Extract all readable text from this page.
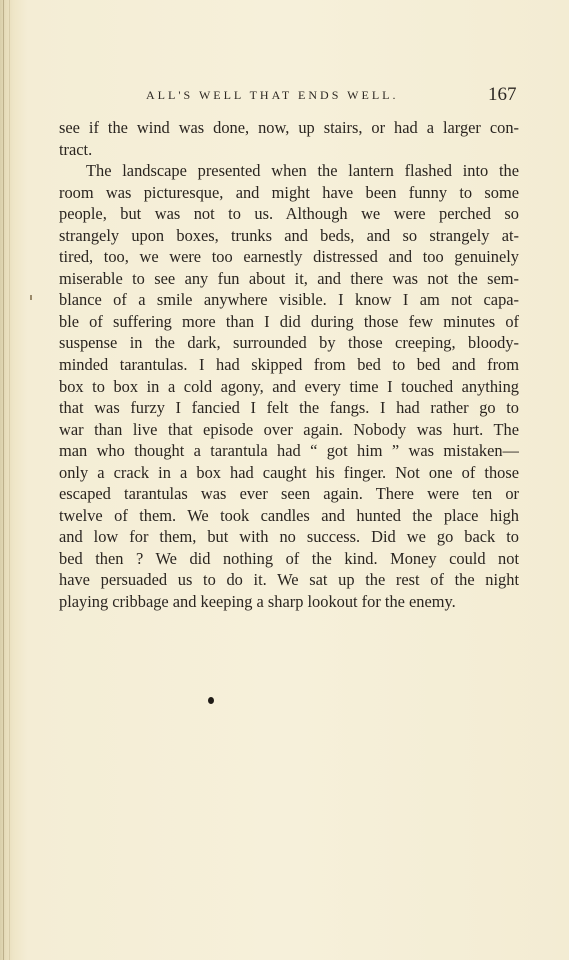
ALL'S WELL THAT ENDS WELL.	167
see if the wind was done, now, up stairs, or had a larger con-
tract.
The landscape presented when the lantern flashed into the
room was picturesque, and might have been funny to some
people, but was not to us. Although we were perched so
strangely upon boxes, trunks and beds, and so strangely at-
tired, too, we were too earnestly distressed and too genuinely
miserable to see any fun about it, and there was not the sem-
blance of a smile anywhere visible. I know I am not capa-
ble of suffering more than I did during those few minutes of
suspense in the dark, surrounded by those creeping, bloody-
minded tarantulas. I had skipped from bed to bed and from
box to box in a cold agony, and every time I touched anything
that was furzy I fancied I felt the fangs. I had rather go to
war than live that episode over again. Nobody was hurt. The
man who thought a tarantula had “ got him ” was mistaken—
only a crack in a box had caught his finger. Not one of those
escaped tarantulas was ever seen again. There were ten or
twelve of them. We took candles and hunted the place high
and low for them, but with no success. Did we go back to
bed then ? We did nothing of the kind. Money could not
have persuaded us to do it. We sat up the rest of the night
playing cribbage and keeping a sharp lookout for the enemy.
